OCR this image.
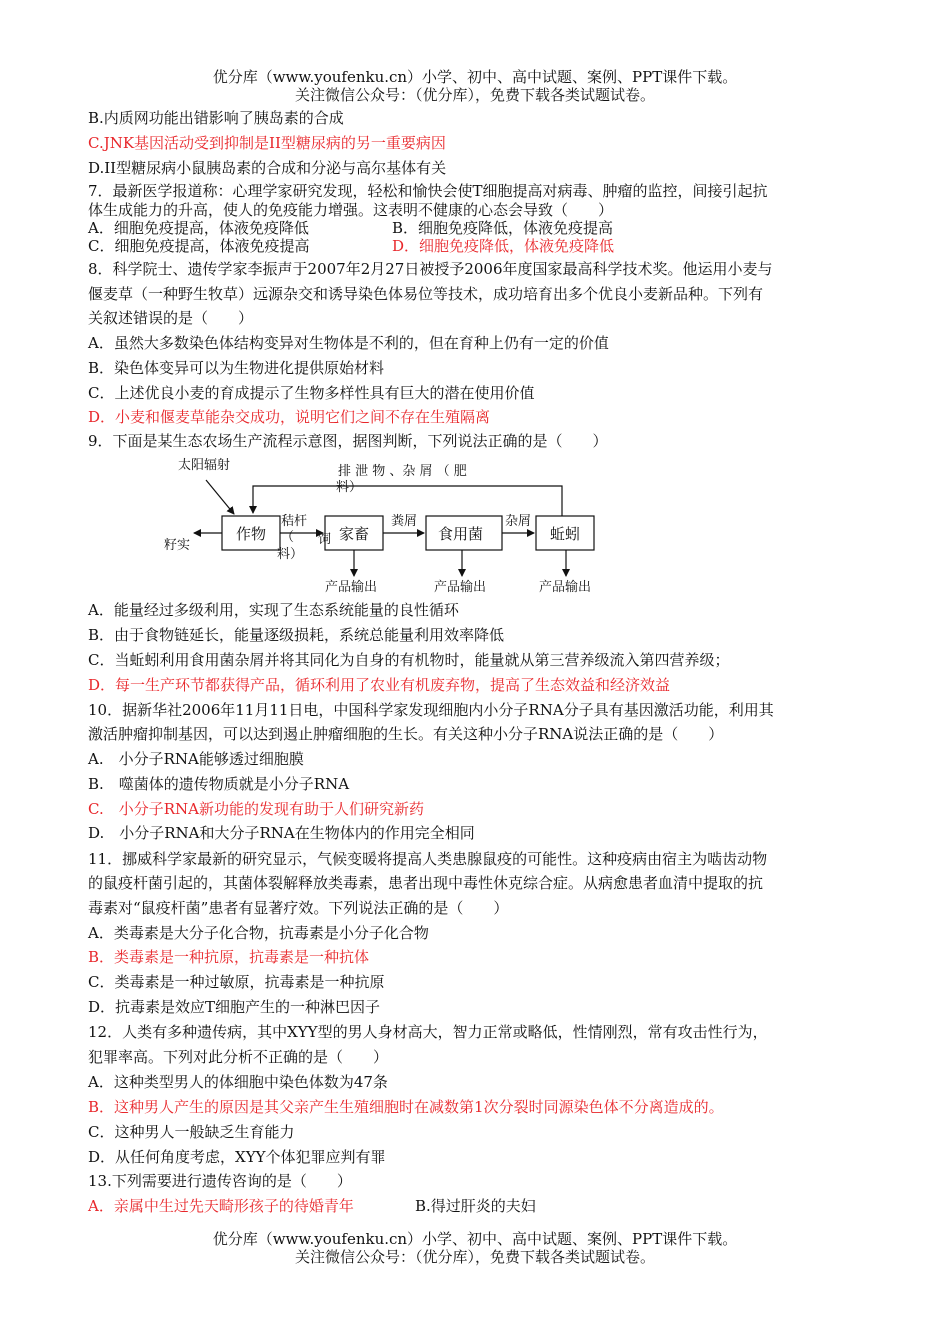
优分库（www.youfenku.cn）小学、初中、高中试题、案例、PPT课件下载。
关注微信公众号：（优分库），免费下载各类试题试卷。
B.内质网功能出错影响了胰岛素的合成
C.JNK基因活动受到抑制是II型糖尿病的另一重要病因
D.II型糖尿病小鼠胰岛素的合成和分泌与高尔基体有关
7．最新医学报道称：心理学家研究发现，轻松和愉快会使T细胞提高对病毒、肿瘤的监控，间接引起抗
体生成能力的升高，使人的免疫能力增强。这表明不健康的心态会导致（　　）
A．细胞免疫提高，体液免疫降低	B．细胞免疫降低，体液免疫提高
C．细胞免疫提高，体液免疫提高	D．细胞免疫降低，体液免疫降低
8．科学院士、遗传学家李振声于2007年2月27日被授予2006年度国家最高科学技术奖。他运用小麦与
偃麦草（一种野生牧草）远源杂交和诱导染色体易位等技术，成功培育出多个优良小麦新品种。下列有
关叙述错误的是（　　）
A．虽然大多数染色体结构变异对生物体是不利的，但在育种上仍有一定的价值
B．染色体变异可以为生物进化提供原始材料
C．上述优良小麦的育成提示了生物多样性具有巨大的潜在使用价值
D．小麦和偃麦草能杂交成功，说明它们之间不存在生殖隔离
9．下面是某生态农场生产流程示意图，据图判断，下列说法正确的是（　　）
太阳辐射	排 泄 物 、杂 屑 （ 肥
料）
籽实
秸杆
（ 饲
料）
粪屑	杂屑
产品输出	产品输出	产品输出
作物	家畜	食用菌	蚯蚓
A．能量经过多级利用，实现了生态系统能量的良性循环
B．由于食物链延长，能量逐级损耗，系统总能量利用效率降低
C．当蚯蚓利用食用菌杂屑并将其同化为自身的有机物时，能量就从第三营养级流入第四营养级；
D．每一生产环节都获得产品，循环利用了农业有机废弃物，提高了生态效益和经济效益
10．据新华社2006年11月11日电，中国科学家发现细胞内小分子RNA分子具有基因激活功能，利用其
激活肿瘤抑制基因，可以达到遏止肿瘤细胞的生长。有关这种小分子RNA说法正确的是（　　）
A.　小分子RNA能够透过细胞膜
B.　噬菌体的遗传物质就是小分子RNA
C.　小分子RNA新功能的发现有助于人们研究新药
D.　小分子RNA和大分子RNA在生物体内的作用完全相同
11．挪威科学家最新的研究显示，气候变暖将提高人类患腺鼠疫的可能性。这种疫病由宿主为啮齿动物
的鼠疫杆菌引起的，其菌体裂解释放类毒素，患者出现中毒性休克综合症。从病愈患者血清中提取的抗
毒素对“鼠疫杆菌”患者有显著疗效。下列说法正确的是（　　）
A．类毒素是大分子化合物，抗毒素是小分子化合物
B．类毒素是一种抗原，抗毒素是一种抗体
C．类毒素是一种过敏原，抗毒素是一种抗原
D．抗毒素是效应T细胞产生的一种淋巴因子
12．人类有多种遗传病，其中XYY型的男人身材高大，智力正常或略低，性情刚烈，常有攻击性行为，
犯罪率高。下列对此分析不正确的是（　　）
A．这种类型男人的体细胞中染色体数为47条
B．这种男人产生的原因是其父亲产生生殖细胞时在减数第1次分裂时同源染色体不分离造成的。
C．这种男人一般缺乏生育能力
D．从任何角度考虑，XYY个体犯罪应判有罪
13.下列需要进行遗传咨询的是（　　）
A．亲属中生过先天畸形孩子的待婚青年	B.得过肝炎的夫妇
优分库（www.youfenku.cn）小学、初中、高中试题、案例、PPT课件下载。
关注微信公众号：（优分库），免费下载各类试题试卷。
